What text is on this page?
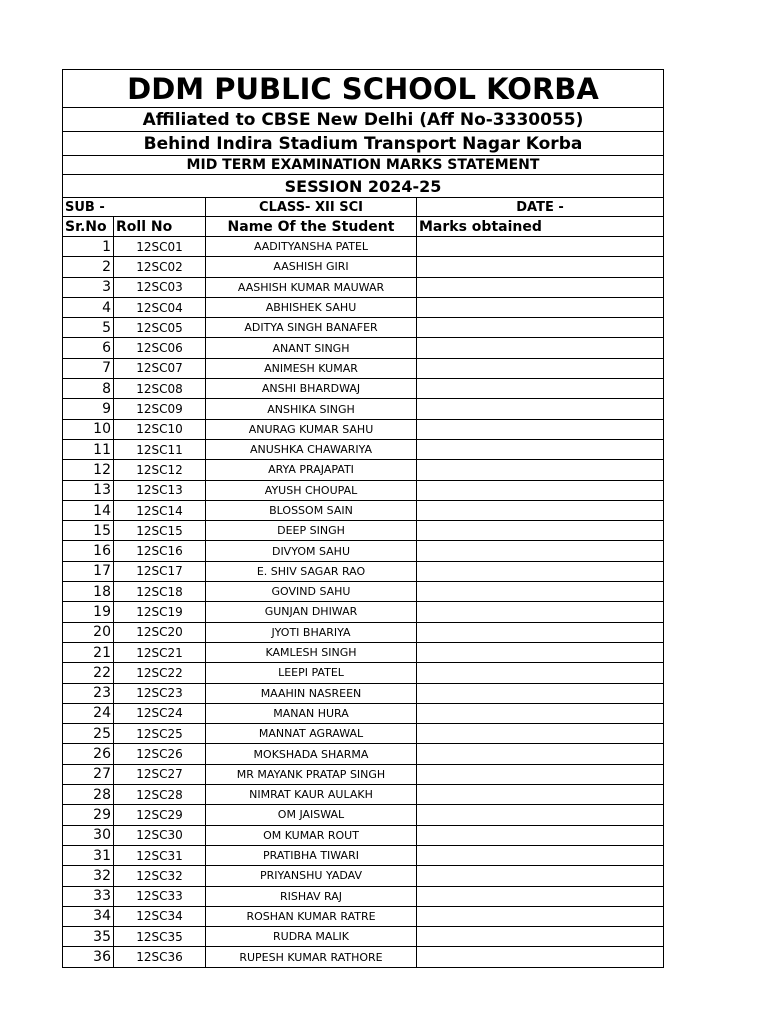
DDM PUBLIC SCHOOL KORBA			
Affiliated to CBSE New Delhi (Aff No-3330055)			
Behind Indira Stadium Transport Nagar Korba			
MID TERM EXAMINATION MARKS STATEMENT			
SESSION 2024-25			
SUB -		CLASS- XII SCI	DATE -
Sr.No	Roll No	Name Of the Student	Marks obtained
1	12SC01	AADITYANSHA PATEL	
2	12SC02	AASHISH GIRI	
3	12SC03	AASHISH KUMAR MAUWAR	
4	12SC04	ABHISHEK SAHU	
5	12SC05	ADITYA SINGH BANAFER	
6	12SC06	ANANT SINGH	
7	12SC07	ANIMESH KUMAR	
8	12SC08	ANSHI BHARDWAJ	
9	12SC09	ANSHIKA SINGH	
10	12SC10	ANURAG KUMAR SAHU	
11	12SC11	ANUSHKA CHAWARIYA	
12	12SC12	ARYA PRAJAPATI	
13	12SC13	AYUSH CHOUPAL	
14	12SC14	BLOSSOM SAIN	
15	12SC15	DEEP SINGH	
16	12SC16	DIVYOM SAHU	
17	12SC17	E. SHIV SAGAR RAO	
18	12SC18	GOVIND SAHU	
19	12SC19	GUNJAN DHIWAR	
20	12SC20	JYOTI BHARIYA	
21	12SC21	KAMLESH SINGH	
22	12SC22	LEEPI PATEL	
23	12SC23	MAAHIN NASREEN	
24	12SC24	MANAN HURA	
25	12SC25	MANNAT AGRAWAL	
26	12SC26	MOKSHADA SHARMA	
27	12SC27	MR MAYANK PRATAP SINGH	
28	12SC28	NIMRAT KAUR AULAKH	
29	12SC29	OM JAISWAL	
30	12SC30	OM KUMAR ROUT	
31	12SC31	PRATIBHA TIWARI	
32	12SC32	PRIYANSHU YADAV	
33	12SC33	RISHAV RAJ	
34	12SC34	ROSHAN KUMAR RATRE	
35	12SC35	RUDRA MALIK	
36	12SC36	RUPESH KUMAR RATHORE	
